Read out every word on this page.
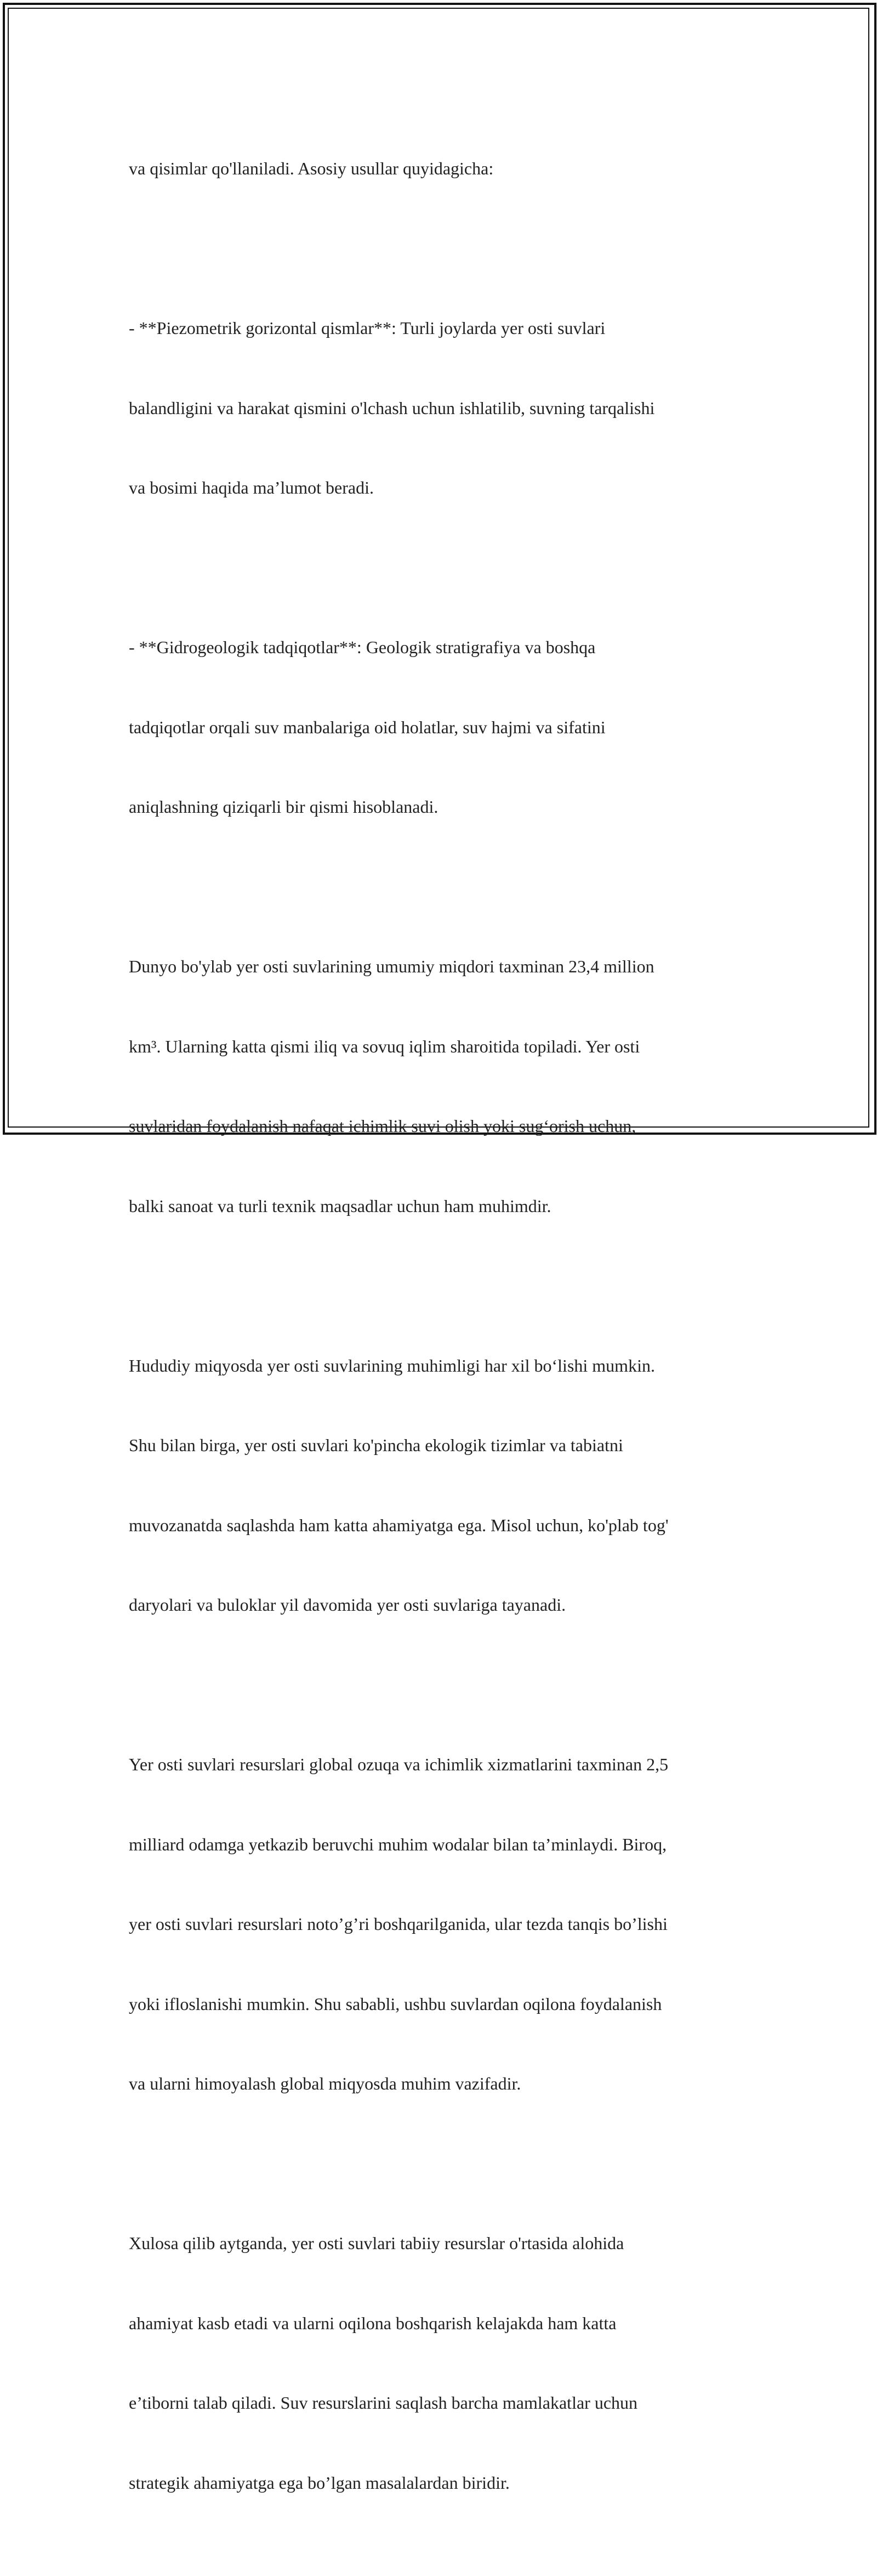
va qisimlar qo'llaniladi. Asosiy usullar quyidagicha:

- **Piezometrik gorizontal qismlar**: Turli joylarda yer osti suvlari

balandligini va harakat qismini o'lchash uchun ishlatilib, suvning tarqalishi

va bosimi haqida ma’lumot beradi.

- **Gidrogeologik tadqiqotlar**: Geologik stratigrafiya va boshqa

tadqiqotlar orqali suv manbalariga oid holatlar, suv hajmi va sifatini

aniqlashning qiziqarli bir qismi hisoblanadi.

Dunyo bo'ylab yer osti suvlarining umumiy miqdori taxminan 23,4 million

km³. Ularning katta qismi iliq va sovuq iqlim sharoitida topiladi. Yer osti

suvlaridan foydalanish nafaqat ichimlik suvi olish yoki sug‘orish uchun,

balki sanoat va turli texnik maqsadlar uchun ham muhimdir.

Hududiy miqyosda yer osti suvlarining muhimligi har xil bo‘lishi mumkin.

Shu bilan birga, yer osti suvlari ko'pincha ekologik tizimlar va tabiatni

muvozanatda saqlashda ham katta ahamiyatga ega. Misol uchun, ko'plab tog'

daryolari va buloklar yil davomida yer osti suvlariga tayanadi.

Yer osti suvlari resurslari global ozuqa va ichimlik xizmatlarini taxminan 2,5

milliard odamga yetkazib beruvchi muhim wodalar bilan ta’minlaydi. Biroq,

yer osti suvlari resurslari noto’g’ri boshqarilganida, ular tezda tanqis bo’lishi

yoki ifloslanishi mumkin. Shu sababli, ushbu suvlardan oqilona foydalanish

va ularni himoyalash global miqyosda muhim vazifadir.

Xulosa qilib aytganda, yer osti suvlari tabiiy resurslar o'rtasida alohida

ahamiyat kasb etadi va ularni oqilona boshqarish kelajakda ham katta

e’tiborni talab qiladi. Suv resurslarini saqlash barcha mamlakatlar uchun

strategik ahamiyatga ega bo’lgan masalalardan biridir.
